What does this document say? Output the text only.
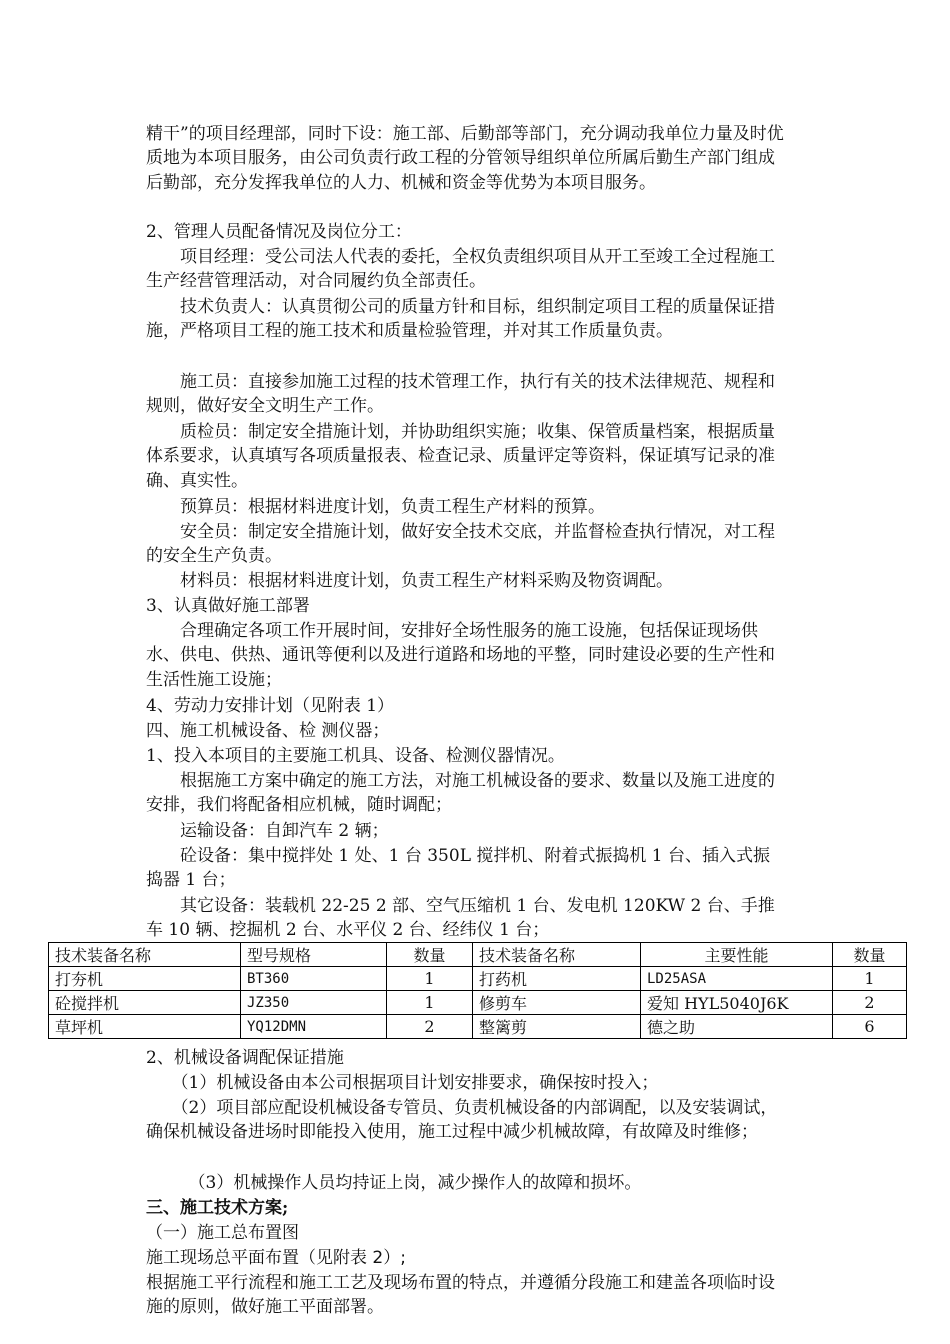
精干”的项目经理部，同时下设：施工部、后勤部等部门，充分调动我单位力量及时优质地为本项目服务，由公司负责行政工程的分管领导组织单位所属后勤生产部门组成后勤部，充分发挥我单位的人力、机械和资金等优势为本项目服务。

2、管理人员配备情况及岗位分工：

　　项目经理：受公司法人代表的委托，全权负责组织项目从开工至竣工全过程施工生产经营管理活动，对合同履约负全部责任。

　　技术负责人：认真贯彻公司的质量方针和目标，组织制定项目工程的质量保证措施，严格项目工程的施工技术和质量检验管理，并对其工作质量负责。

　　施工员：直接参加施工过程的技术管理工作，执行有关的技术法律规范、规程和规则，做好安全文明生产工作。

　　质检员：制定安全措施计划，并协助组织实施；收集、保管质量档案，根据质量体系要求，认真填写各项质量报表、检查记录、质量评定等资料，保证填写记录的准确、真实性。

　　预算员：根据材料进度计划，负责工程生产材料的预算。

　　安全员：制定安全措施计划，做好安全技术交底，并监督检查执行情况，对工程的安全生产负责。

　　材料员：根据材料进度计划，负责工程生产材料采购及物资调配。

3、认真做好施工部署

　　合理确定各项工作开展时间，安排好全场性服务的施工设施，包括保证现场供水、供电、供热、通讯等便利以及进行道路和场地的平整，同时建设必要的生产性和生活性施工设施；

4、劳动力安排计划（见附表 1）

四、施工机械设备、检 测仪器；

1、投入本项目的主要施工机具、设备、检测仪器情况。

　　根据施工方案中确定的施工方法，对施工机械设备的要求、数量以及施工进度的安排，我们将配备相应机械，随时调配；

　　运输设备：自卸汽车 2 辆；

　　砼设备：集中搅拌处 1 处、1 台 350L 搅拌机、附着式振捣机 1 台、插入式振捣器 1 台；

　　其它设备：装载机 22-25 2 部、空气压缩机 1 台、发电机 120KW 2 台、手推车 10 辆、挖掘机 2 台、水平仪 2 台、经纬仪 1 台；

技术装备名称	型号规格	数量	技术装备名称	主要性能	数量
打夯机	BT360	1	打药机	LD25ASA	1
砼搅拌机	JZ350	1	修剪车	爱知 HYL5040J6K	2
草坪机	YQ12DMN	2	整篱剪	德之助	6

2、机械设备调配保证措施

　　（1）机械设备由本公司根据项目计划安排要求，确保按时投入；

　　（2）项目部应配设机械设备专管员、负责机械设备的内部调配，以及安装调试，确保机械设备进场时即能投入使用，施工过程中减少机械故障，有故障及时维修；

　　　（3）机械操作人员均持证上岗，减少操作人的故障和损坏。

三、施工技术方案;

（一）施工总布置图

施工现场总平面布置（见附表 2）;

根据施工平行流程和施工工艺及现场布置的特点，并遵循分段施工和建盖各项临时设施的原则，做好施工平面部署。
